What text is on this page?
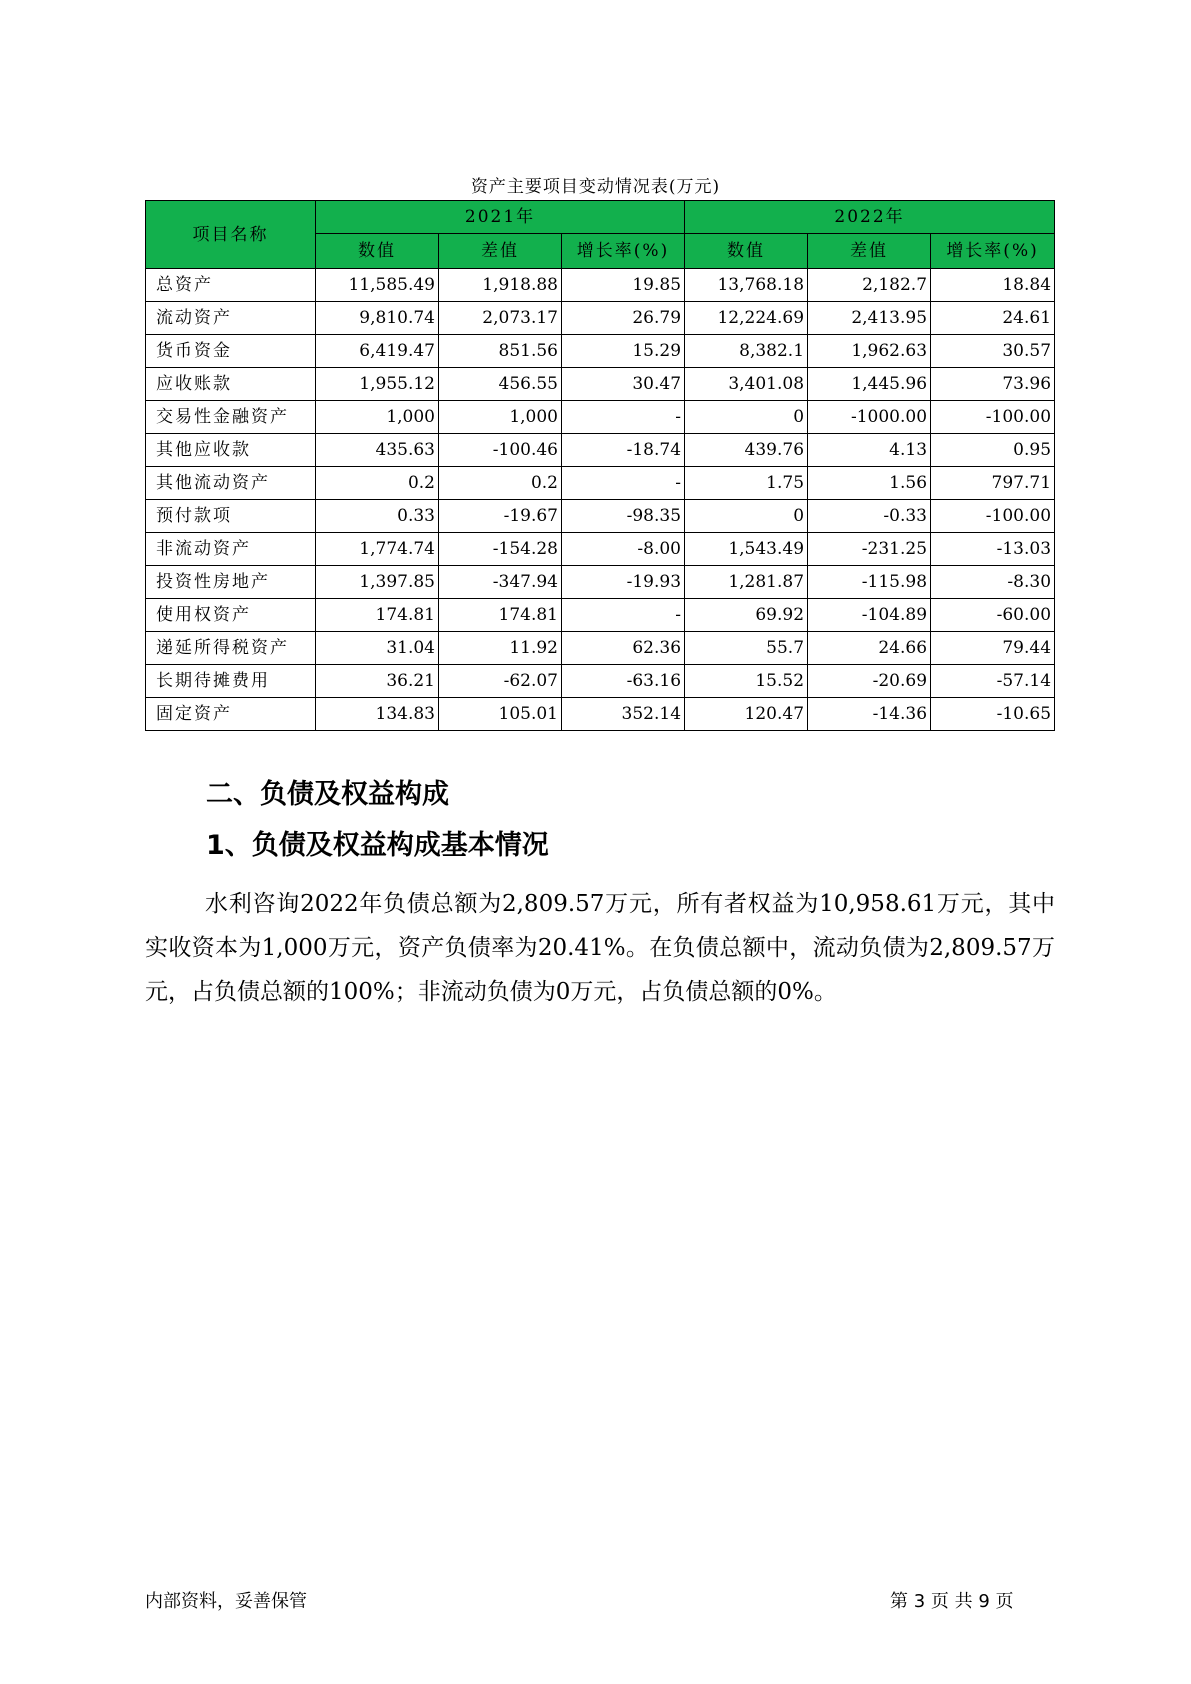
资产主要项目变动情况表(万元)
项目名称	2021年			2022年		
	数值	差值	增长率(%)	数值	差值	增长率(%)
总资产	11,585.49	1,918.88	19.85	13,768.18	2,182.7	18.84
流动资产	9,810.74	2,073.17	26.79	12,224.69	2,413.95	24.61
货币资金	6,419.47	851.56	15.29	8,382.1	1,962.63	30.57
应收账款	1,955.12	456.55	30.47	3,401.08	1,445.96	73.96
交易性金融资产	1,000	1,000	-	0	-1000.00	-100.00
其他应收款	435.63	-100.46	-18.74	439.76	4.13	0.95
其他流动资产	0.2	0.2	-	1.75	1.56	797.71
预付款项	0.33	-19.67	-98.35	0	-0.33	-100.00
非流动资产	1,774.74	-154.28	-8.00	1,543.49	-231.25	-13.03
投资性房地产	1,397.85	-347.94	-19.93	1,281.87	-115.98	-8.30
使用权资产	174.81	174.81	-	69.92	-104.89	-60.00
递延所得税资产	31.04	11.92	62.36	55.7	24.66	79.44
长期待摊费用	36.21	-62.07	-63.16	15.52	-20.69	-57.14
固定资产	134.83	105.01	352.14	120.47	-14.36	-10.65
二、负债及权益构成
1、负债及权益构成基本情况

水利咨询2022年负债总额为2,809.57万元，所有者权益为10,958.61万元，其中实收资本为1,000万元，资产负债率为20.41%。在负债总额中，流动负债为2,809.57万元，占负债总额的100%；非流动负债为0万元，占负债总额的0%。

内部资料，妥善保管	第 3 页 共 9 页
